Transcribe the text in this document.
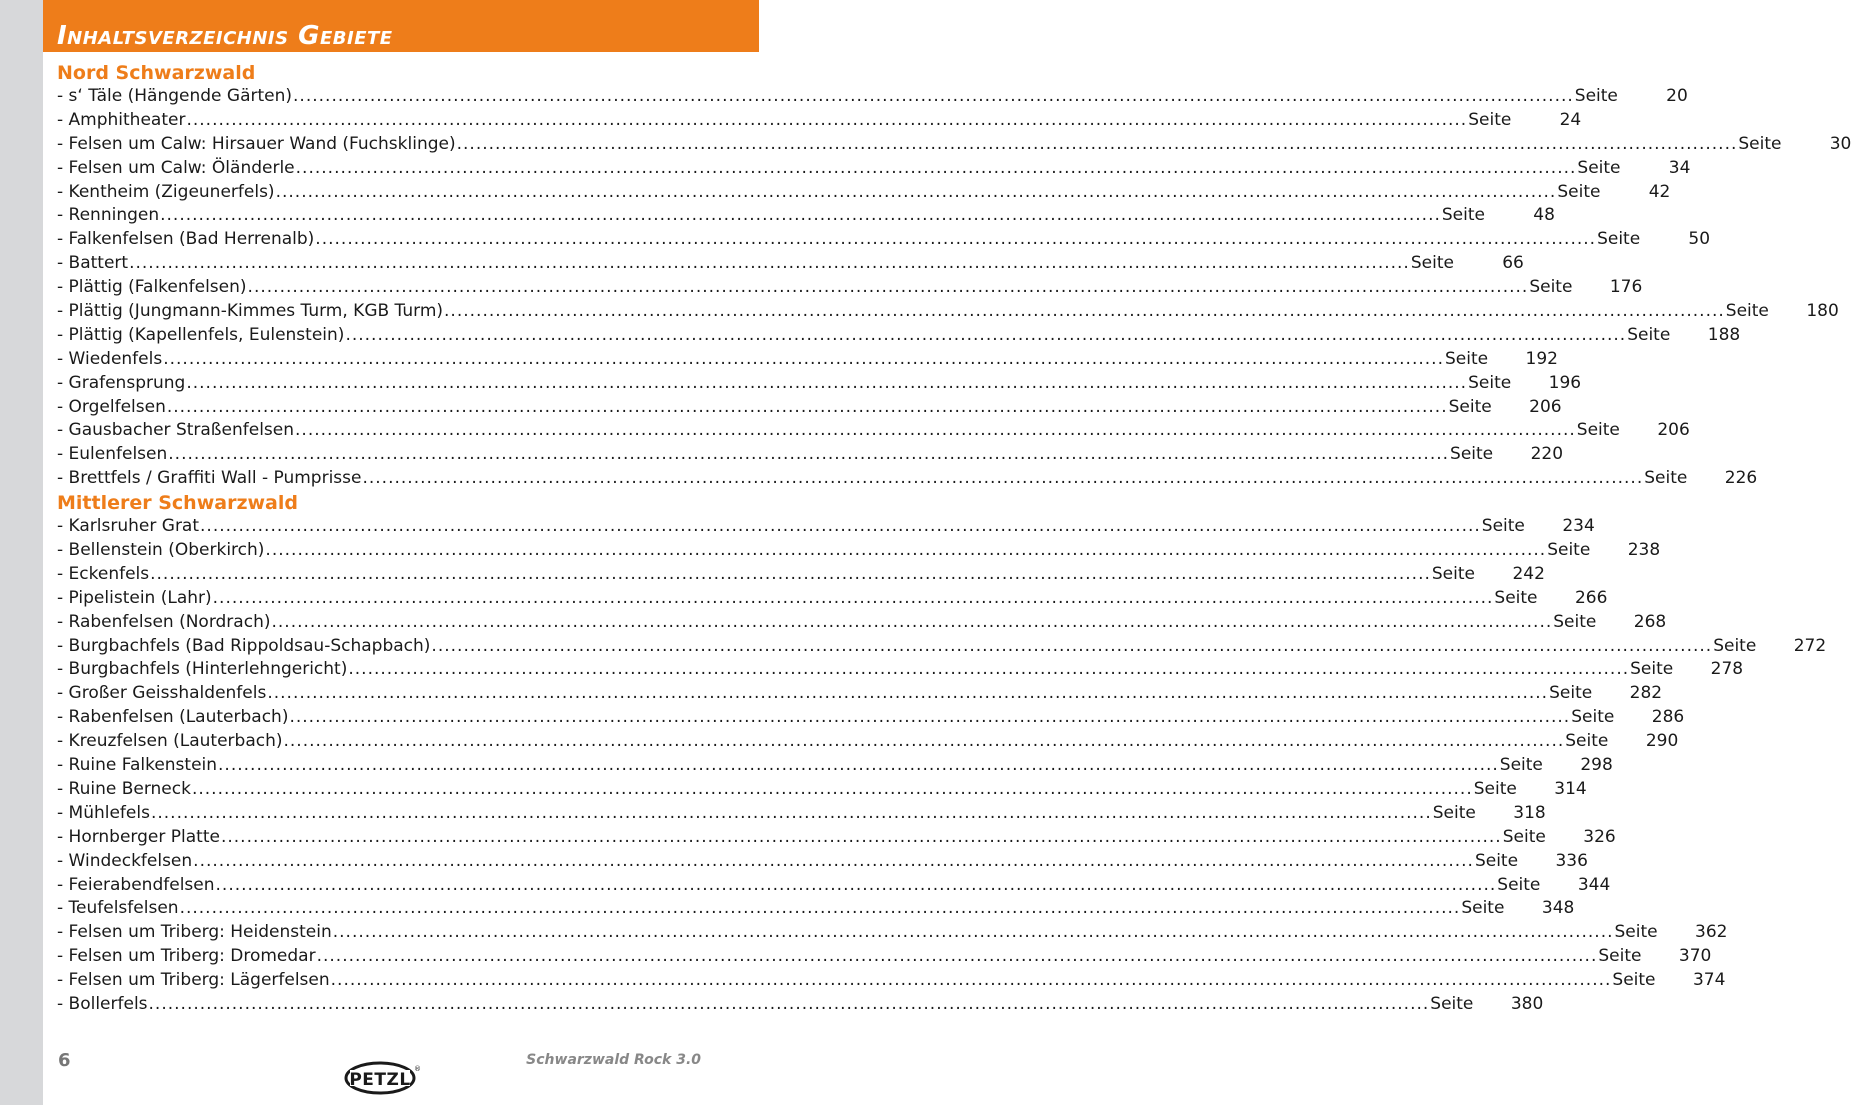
Inhaltsverzeichnis Gebiete
Nord Schwarzwald
- s‘ Täle (Hängende Gärten) .....	Seite	20
- Amphitheater .....	Seite	24
- Felsen um Calw: Hirsauer Wand (Fuchsklinge) .....	Seite	30
- Felsen um Calw: Öländerle .....	Seite	34
- Kentheim (Zigeunerfels) .....	Seite	42
- Renningen .....	Seite	48
- Falkenfelsen (Bad Herrenalb) .....	Seite	50
- Battert .....	Seite	66
- Plättig (Falkenfelsen) .....	Seite	176
- Plättig (Jungmann-Kimmes Turm, KGB Turm) .....	Seite	180
- Plättig (Kapellenfels, Eulenstein) .....	Seite	188
- Wiedenfels .....	Seite	192
- Grafensprung .....	Seite	196
- Orgelfelsen .....	Seite	206
- Gausbacher Straßenfelsen .....	Seite	206
- Eulenfelsen .....	Seite	220
- Brettfels / Graffiti Wall - Pumprisse .....	Seite	226
Mittlerer Schwarzwald
- Karlsruher Grat .....	Seite	234
- Bellenstein (Oberkirch) .....	Seite	238
- Eckenfels .....	Seite	242
- Pipelistein (Lahr) .....	Seite	266
- Rabenfelsen (Nordrach) .....	Seite	268
- Burgbachfels (Bad Rippoldsau-Schapbach) .....	Seite	272
- Burgbachfels (Hinterlehngericht) .....	Seite	278
- Großer Geisshaldenfels .....	Seite	282
- Rabenfelsen (Lauterbach) .....	Seite	286
- Kreuzfelsen (Lauterbach) .....	Seite	290
- Ruine Falkenstein .....	Seite	298
- Ruine Berneck .....	Seite	314
- Mühlefels .....	Seite	318
- Hornberger Platte .....	Seite	326
- Windeckfelsen .....	Seite	336
- Feierabendfelsen .....	Seite	344
- Teufelsfelsen .....	Seite	348
- Felsen um Triberg: Heidenstein .....	Seite	362
- Felsen um Triberg: Dromedar .....	Seite	370
- Felsen um Triberg: Lägerfelsen .....	Seite	374
- Bollerfels .....	Seite	380
6
PETZL
®
Schwarzwald Rock 3.0
